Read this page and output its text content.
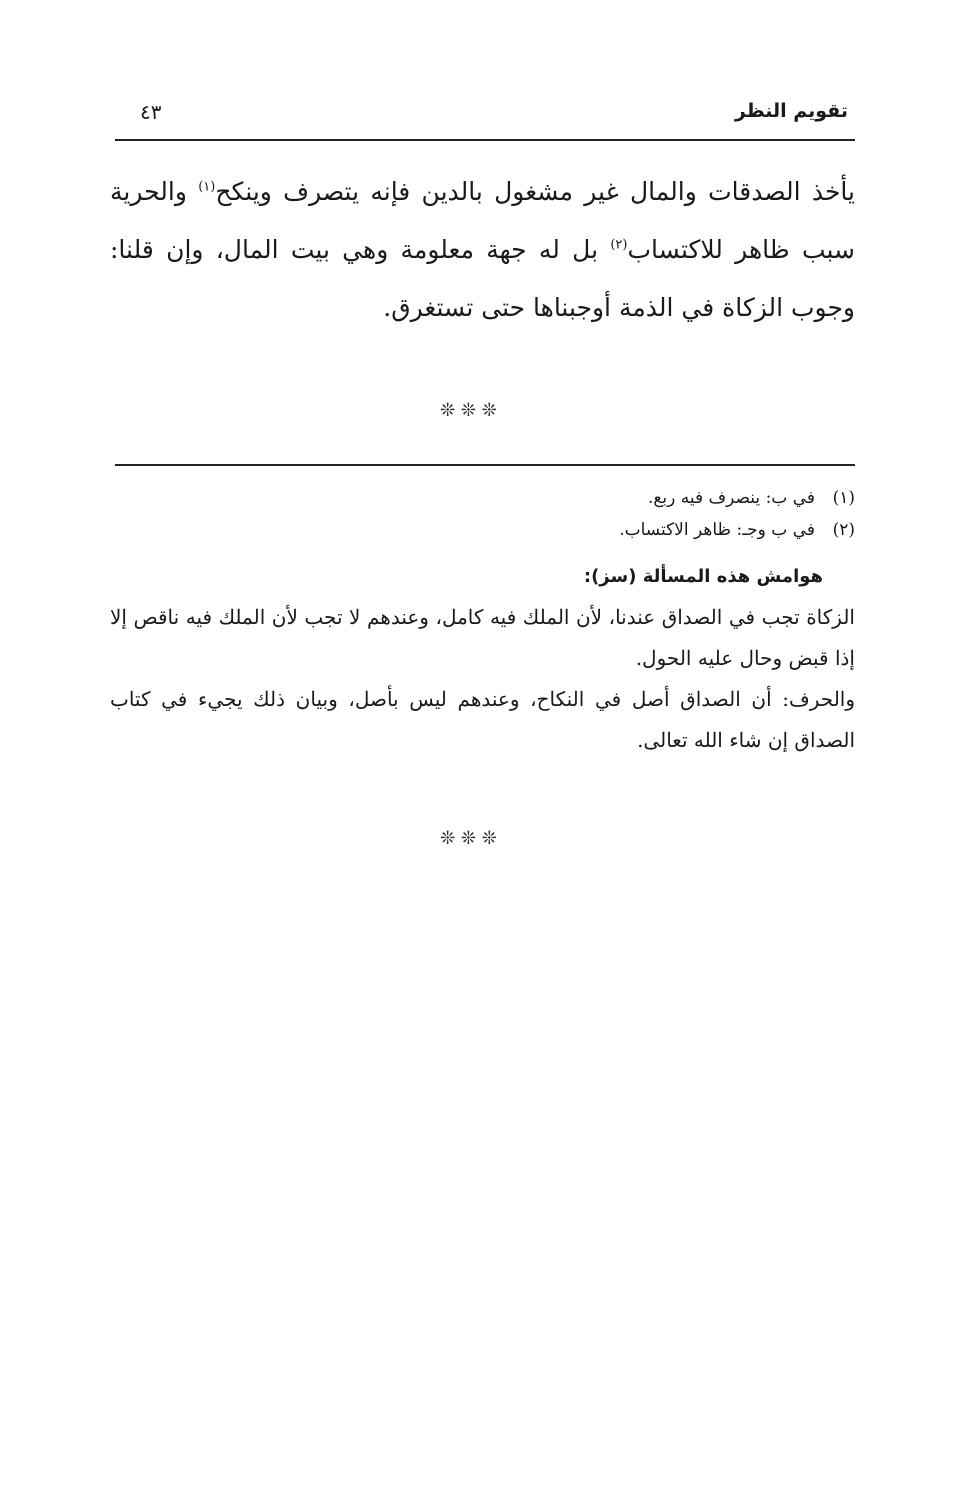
تقويم النظر
٤٣

يأخذ الصدقات والمال غير مشغول بالدين فإنه يتصرف وينكح$^{(١)}$ والحرية سبب ظاهر للاكتساب$^{(٢)}$ بل له جهة معلومة وهي بيت المال، وإن قلنا: وجوب الزكاة في الذمة أوجبناها حتى تستغرق.

❊ ❊ ❊

(١)
في ب: ينصرف فيه ربع.

(٢)
في ب وجـ: ظاهر الاكتساب.

هوامش هذه المسألة (سز):

الزكاة تجب في الصداق عندنا، لأن الملك فيه كامل، وعندهم لا تجب لأن الملك فيه ناقص إلا إذا قبض وحال عليه الحول.

والحرف: أن الصداق أصل في النكاح، وعندهم ليس بأصل، وبيان ذلك يجيء في كتاب الصداق إن شاء الله تعالى.

❊ ❊ ❊
